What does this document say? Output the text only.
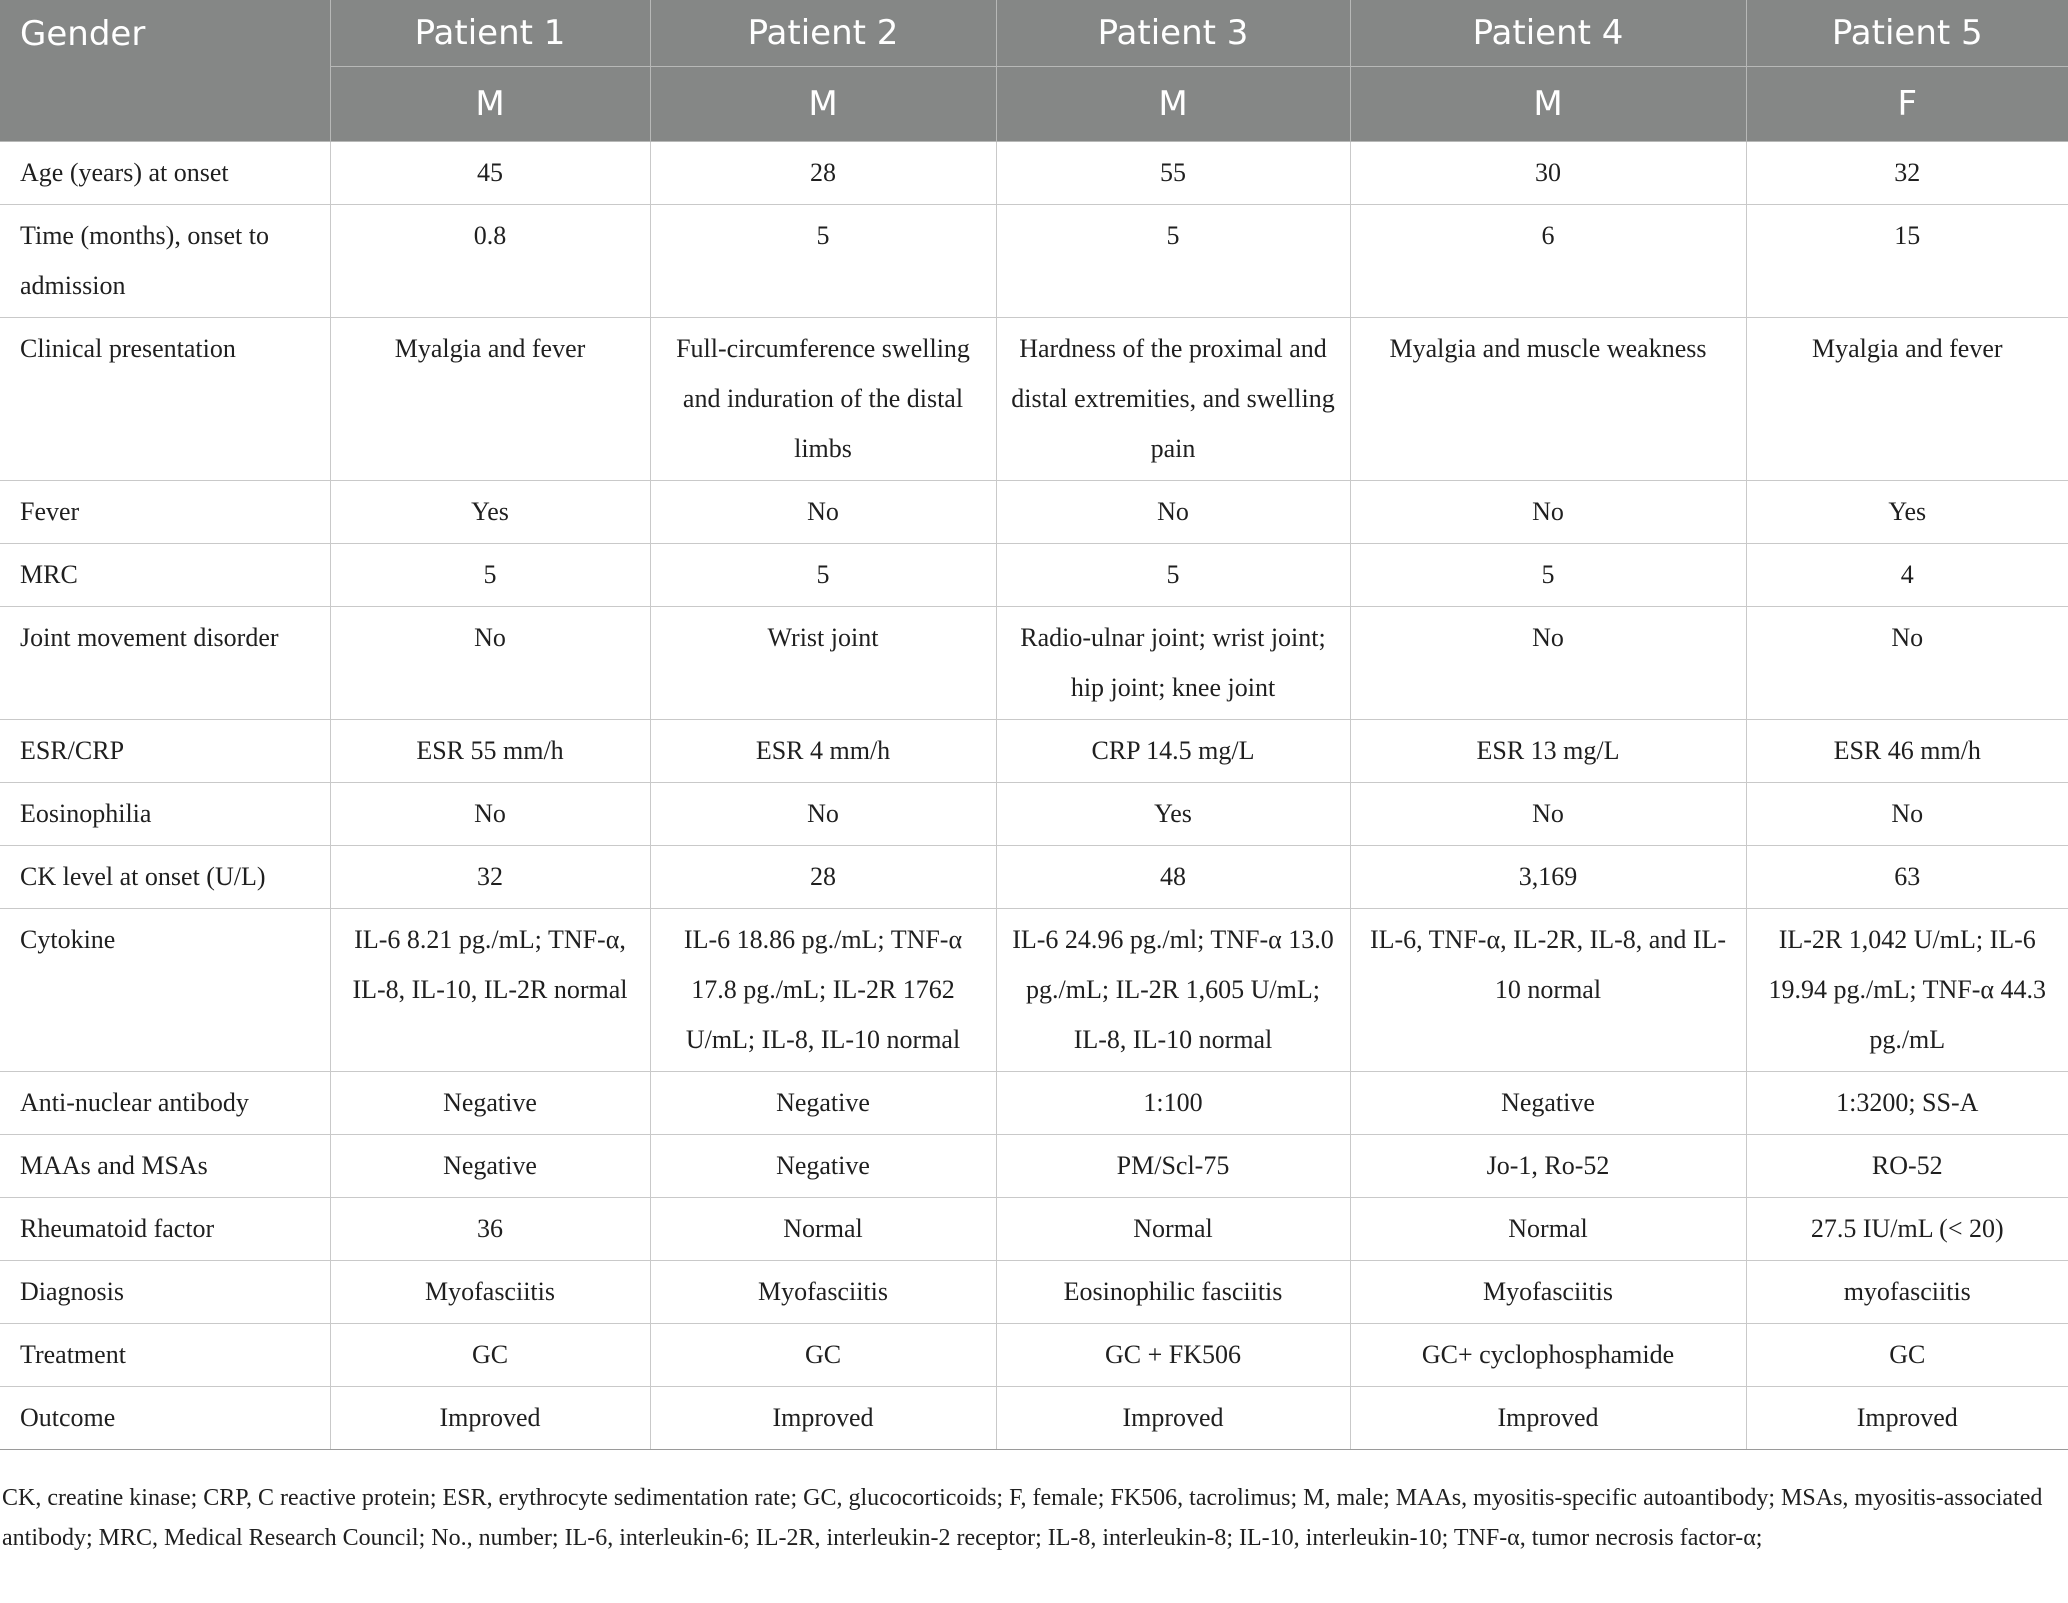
Gender	Patient 1	Patient 2	Patient 3	Patient 4	Patient 5
	M	M	M	M	F
Age (years) at onset	45	28	55	30	32
Time (months), onset to admission	0.8	5	5	6	15
Clinical presentation	Myalgia and fever	Full-circumference swelling and induration of the distal limbs	Hardness of the proximal and distal extremities, and swelling pain	Myalgia and muscle weakness	Myalgia and fever
Fever	Yes	No	No	No	Yes
MRC	5	5	5	5	4
Joint movement disorder	No	Wrist joint	Radio-ulnar joint; wrist joint; hip joint; knee joint	No	No
ESR/CRP	ESR 55 mm/h	ESR 4 mm/h	CRP 14.5 mg/L	ESR 13 mg/L	ESR 46 mm/h
Eosinophilia	No	No	Yes	No	No
CK level at onset (U/L)	32	28	48	3,169	63
Cytokine	IL-6 8.21 pg./mL; TNF-α, IL-8, IL-10, IL-2R normal	IL-6 18.86 pg./mL; TNF-α 17.8 pg./mL; IL-2R 1762 U/mL; IL-8, IL-10 normal	IL-6 24.96 pg./ml; TNF-α 13.0 pg./mL; IL-2R 1,605 U/mL; IL-8, IL-10 normal	IL-6, TNF-α, IL-2R, IL-8, and IL-10 normal	IL-2R 1,042 U/mL; IL-6 19.94 pg./mL; TNF-α 44.3 pg./mL
Anti-nuclear antibody	Negative	Negative	1:100	Negative	1:3200; SS-A
MAAs and MSAs	Negative	Negative	PM/Scl-75	Jo-1, Ro-52	RO-52
Rheumatoid factor	36	Normal	Normal	Normal	27.5 IU/mL (< 20)
Diagnosis	Myofasciitis	Myofasciitis	Eosinophilic fasciitis	Myofasciitis	myofasciitis
Treatment	GC	GC	GC + FK506	GC+ cyclophosphamide	GC
Outcome	Improved	Improved	Improved	Improved	Improved
CK, creatine kinase; CRP, C reactive protein; ESR, erythrocyte sedimentation rate; GC, glucocorticoids; F, female; FK506, tacrolimus; M, male; MAAs, myositis-specific autoantibody; MSAs, myositis-associated antibody; MRC, Medical Research Council; No., number; IL-6, interleukin-6; IL-2R, interleukin-2 receptor; IL-8, interleukin-8; IL-10, interleukin-10; TNF-α, tumor necrosis factor-α;
